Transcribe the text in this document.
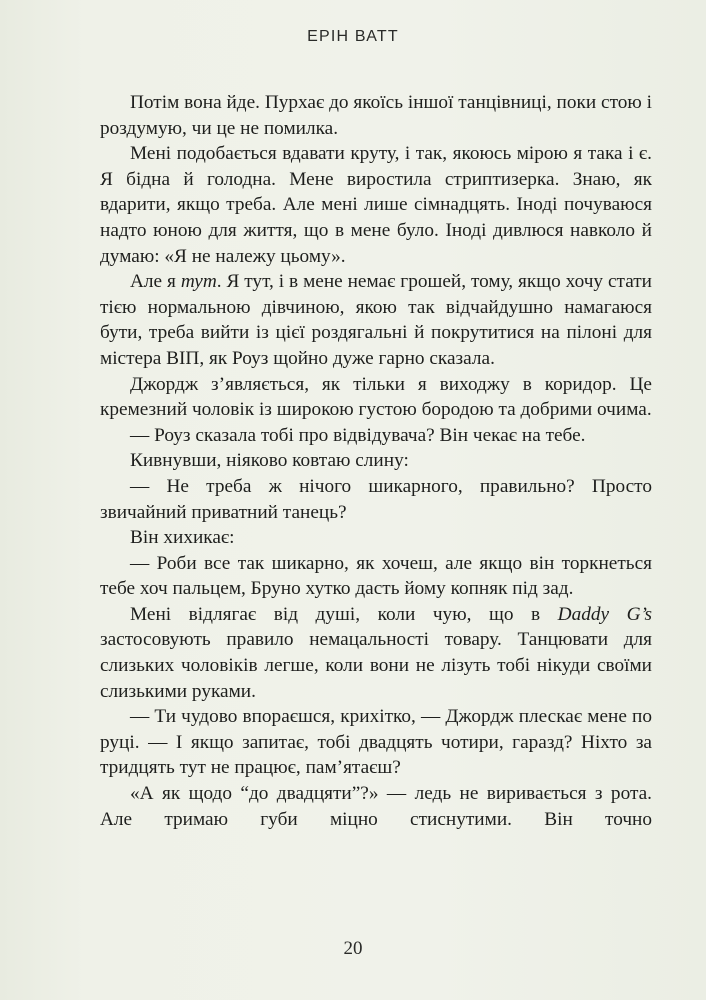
ЕРІН ВАТТ

Потім вона йде. Пурхає до якоїсь іншої танцівниці, поки стою і роздумую, чи це не помилка.

Мені подобається вдавати круту, і так, якоюсь мірою я така і є. Я бідна й голодна. Мене виростила стриптизерка. Знаю, як вдарити, якщо треба. Але мені лише сімнадцять. Іноді почуваюся надто юною для життя, що в мене було. Іноді дивлюся навколо й думаю: «Я не належу цьому».

Але я тут. Я тут, і в мене немає грошей, тому, якщо хочу стати тією нормальною дівчиною, якою так відчайдушно намагаюся бути, треба вийти із цієї роздягальні й покрутитися на пілоні для містера ВІП, як Роуз щойно дуже гарно сказала.

Джордж з’являється, як тільки я виходжу в коридор. Це кремезний чоловік із широкою густою бородою та добрими очима.

— Роуз сказала тобі про відвідувача? Він чекає на тебе.

Кивнувши, ніяково ковтаю слину:

— Не треба ж нічого шикарного, правильно? Просто звичайний приватний танець?

Він хихикає:

— Роби все так шикарно, як хочеш, але якщо він торкнеться тебе хоч пальцем, Бруно хутко дасть йому копняк під зад.

Мені відлягає від душі, коли чую, що в Daddy G’s застосовують правило немацальності товару. Танцювати для слизьких чоловіків легше, коли вони не лізуть тобі нікуди своїми слизькими руками.

— Ти чудово впораєшся, крихітко, — Джордж плескає мене по руці. — І якщо запитає, тобі двадцять чотири, гаразд? Ніхто за тридцять тут не працює, пам’ятаєш?

«А як щодо “до двадцяти”?» — ледь не виривається з рота. Але тримаю губи міцно стиснутими. Він точно

20
